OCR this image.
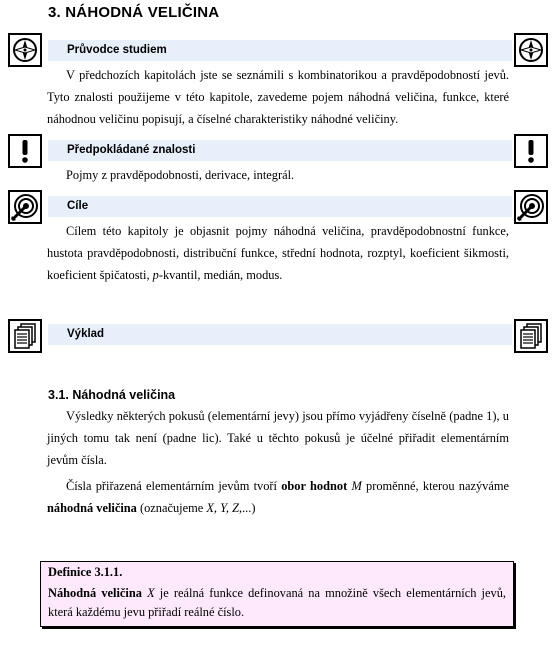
3. NÁHODNÁ VELIČINA
Průvodce studiem
V předchozích kapitolách jste se seznámili s kombinatorikou a pravděpodobností jevů. Tyto znalosti použijeme v této kapitole, zavedeme pojem náhodná veličina, funkce, které náhodnou veličinu popisují, a číselné charakteristiky náhodné veličiny.
Předpokládané znalosti
Pojmy z pravděpodobnosti, derivace, integrál.
Cíle
Cílem této kapitoly je objasnit pojmy náhodná veličina, pravděpodobnostní funkce, hustota pravděpodobnosti, distribuční funkce, střední hodnota, rozptyl, koeficient šikmosti, koeficient špičatosti, p-kvantil, medián, modus.
Výklad
3.1. Náhodná veličina
Výsledky některých pokusů (elementární jevy) jsou přímo vyjádřeny číselně (padne 1), u jiných tomu tak není (padne lic). Také u těchto pokusů je účelné přiřadit elementárním jevům čísla.
Čísla přiřazená elementárním jevům tvoří obor hodnot M proměnné, kterou nazýváme náhodná veličina (označujeme X, Y, Z,...)
Definice 3.1.1.
Náhodná veličina X je reálná funkce definovaná na množině všech elementárních jevů, která každému jevu přiřadí reálné číslo.
